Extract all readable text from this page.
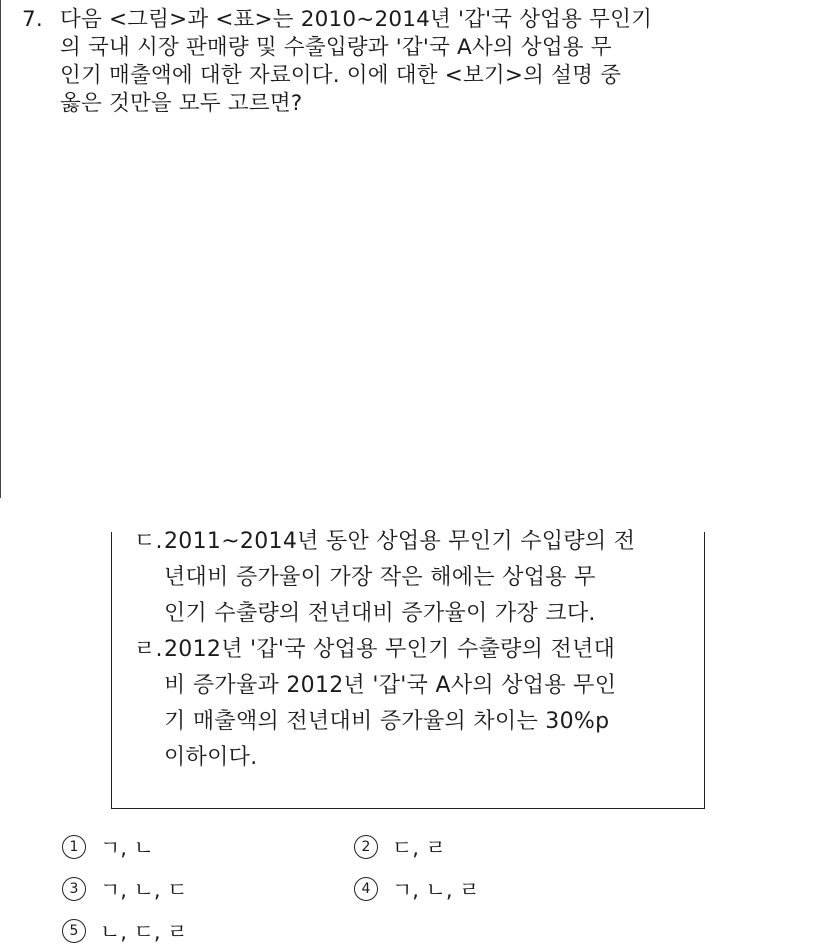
7. 다음 <그림>과 <표>는 2010~2014년 '갑'국 상업용 무인기
의 국내 시장 판매량 및 수출입량과 '갑'국 A사의 상업용 무
인기 매출액에 대한 자료이다. 이에 대한 <보기>의 설명 중
옳은 것만을 모두 고르면?
ㄷ.2011~2014년 동안 상업용 무인기 수입량의 전
년대비 증가율이 가장 작은 해에는 상업용 무
인기 수출량의 전년대비 증가율이 가장 크다.
ㄹ.2012년 '갑'국 상업용 무인기 수출량의 전년대
비 증가율과 2012년 '갑'국 A사의 상업용 무인
기 매출액의 전년대비 증가율의 차이는 30%p
이하이다.
1 ㄱ, ㄴ	2 ㄷ, ㄹ
3 ㄱ, ㄴ, ㄷ	4 ㄱ, ㄴ, ㄹ
5 ㄴ, ㄷ, ㄹ
